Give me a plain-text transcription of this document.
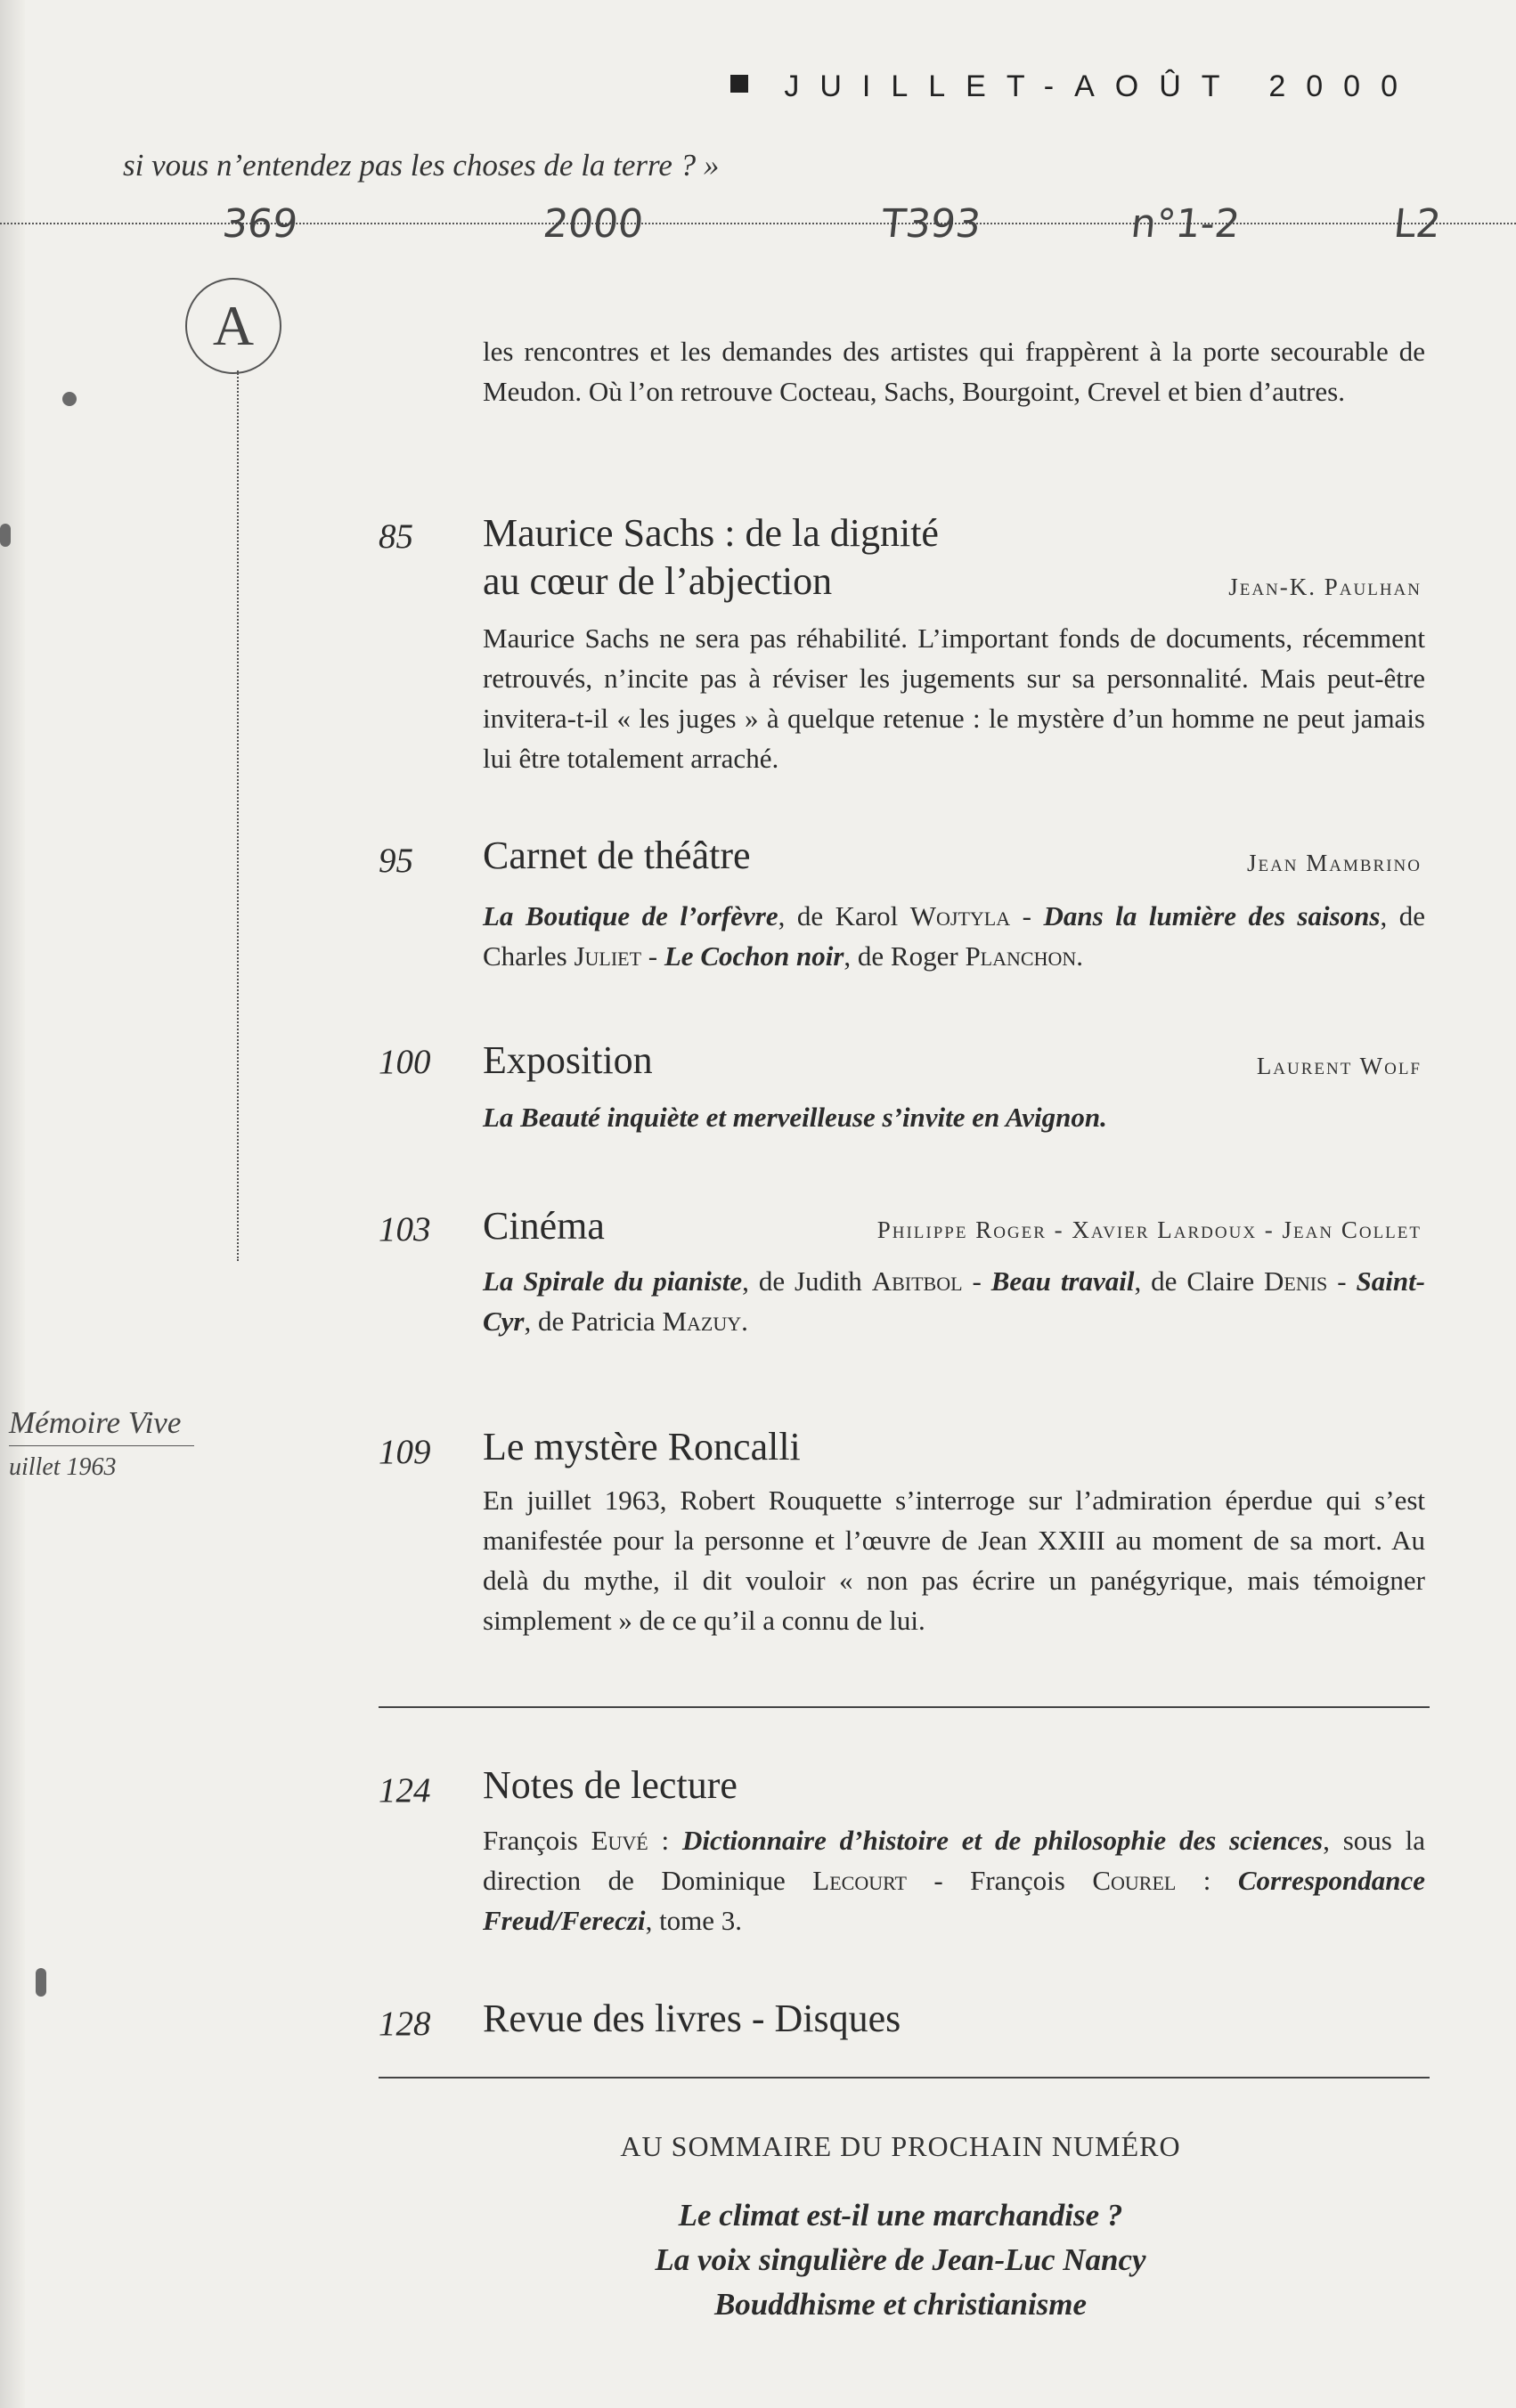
JUILLET-AOÛT 2000
si vous n’entendez pas les choses de la terre ? »
369	2000	T393	n°1-2	L2
A
Mémoire Vive
uillet 1963
les rencontres et les demandes des artistes qui frappèrent à la porte secourable de Meudon. Où l’on retrouve Cocteau, Sachs, Bourgoint, Crevel et bien d’autres.
85 Maurice Sachs : de la dignité
au cœur de l’abjection	Jean-K. Paulhan
Maurice Sachs ne sera pas réhabilité. L’important fonds de documents, récemment retrouvés, n’incite pas à réviser les jugements sur sa personnalité. Mais peut-être invitera-t-il « les juges » à quelque retenue : le mystère d’un homme ne peut jamais lui être totalement arraché.
95 Carnet de théâtre	Jean Mambrino
La Boutique de l’orfèvre, de Karol Wojtyla - Dans la lumière des saisons, de Charles Juliet - Le Cochon noir, de Roger Planchon.
100 Exposition	Laurent Wolf
La Beauté inquiète et merveilleuse s’invite en Avignon.
103 Cinéma	Philippe Roger - Xavier Lardoux - Jean Collet
La Spirale du pianiste, de Judith Abitbol - Beau travail, de Claire Denis - Saint-Cyr, de Patricia Mazuy.
109 Le mystère Roncalli
En juillet 1963, Robert Rouquette s’interroge sur l’admiration éperdue qui s’est manifestée pour la personne et l’œuvre de Jean XXIII au moment de sa mort. Au delà du mythe, il dit vouloir « non pas écrire un panégyrique, mais témoigner simplement » de ce qu’il a connu de lui.
124 Notes de lecture
François Euvé : Dictionnaire d’histoire et de philosophie des sciences, sous la direction de Dominique Lecourt - François Courel : Correspondance Freud/Fereczi, tome 3.
128 Revue des livres - Disques
AU SOMMAIRE DU PROCHAIN NUMÉRO
Le climat est-il une marchandise ?
La voix singulière de Jean-Luc Nancy
Bouddhisme et christianisme
